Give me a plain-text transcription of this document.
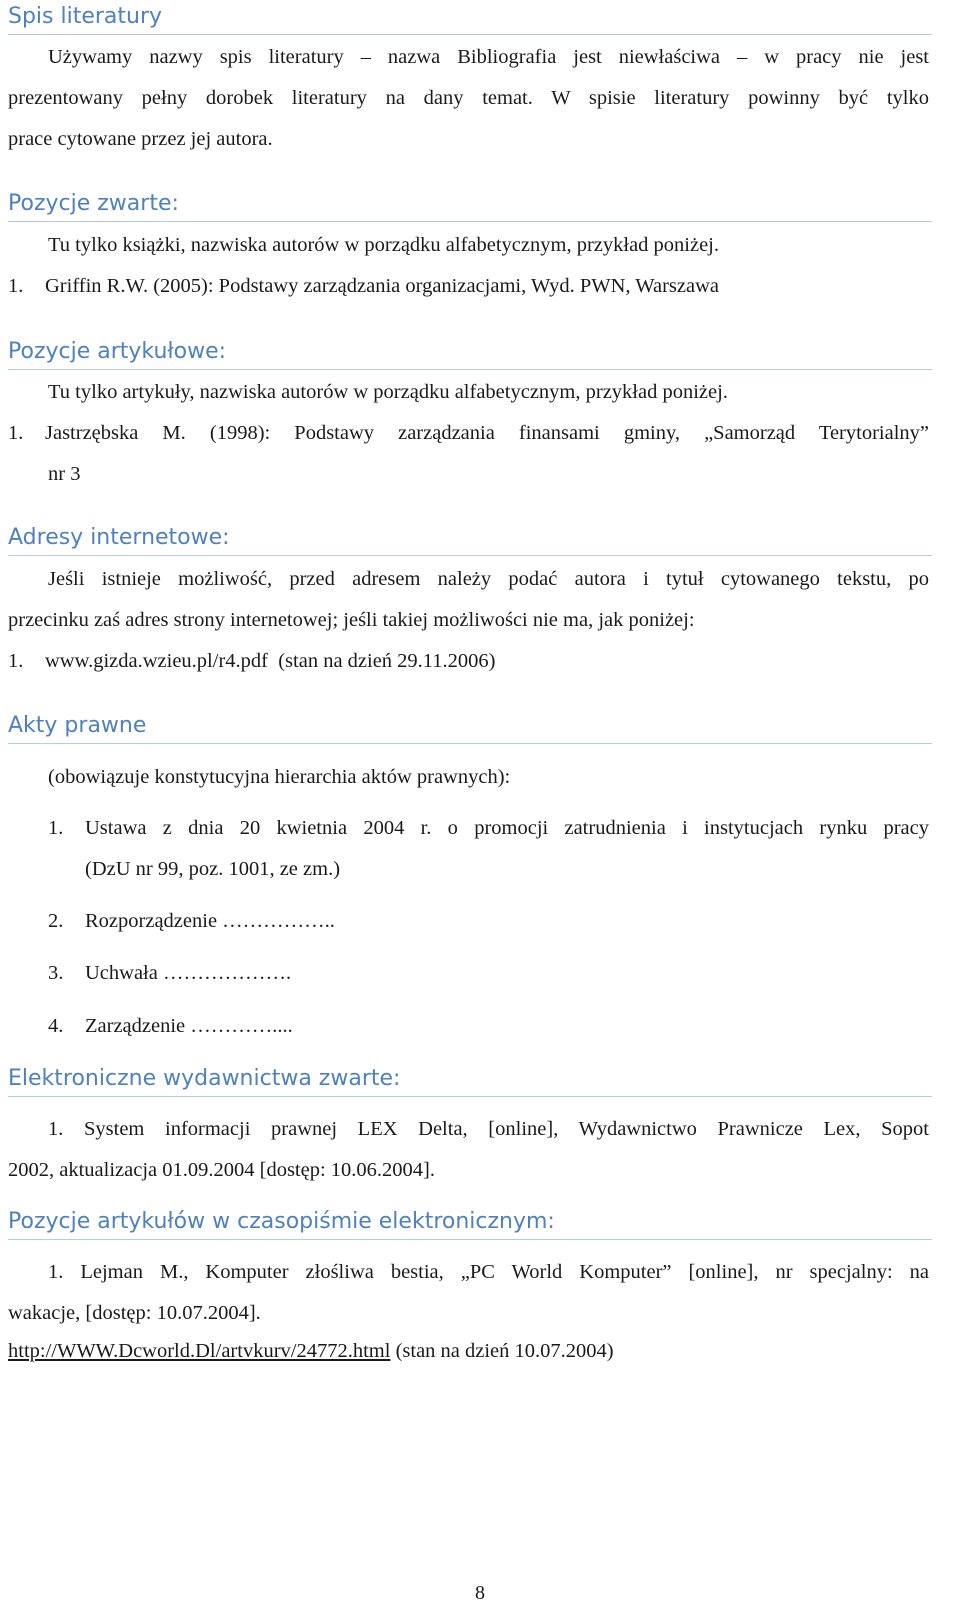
Spis literatury
Używamy nazwy spis literatury – nazwa Bibliografia jest niewłaściwa – w pracy nie jest
prezentowany pełny dorobek literatury na dany temat. W spisie literatury powinny być tylko
prace cytowane przez jej autora.
Pozycje zwarte:
Tu tylko książki, nazwiska autorów w porządku alfabetycznym, przykład poniżej.
1. Griffin R.W. (2005): Podstawy zarządzania organizacjami, Wyd. PWN, Warszawa
Pozycje artykułowe:
Tu tylko artykuły, nazwiska autorów w porządku alfabetycznym, przykład poniżej.
1. Jastrzębska M. (1998): Podstawy zarządzania finansami gminy, „Samorząd Terytorialny”
nr 3
Adresy internetowe:
Jeśli istnieje możliwość, przed adresem należy podać autora i tytuł cytowanego tekstu, po
przecinku zaś adres strony internetowej; jeśli takiej możliwości nie ma, jak poniżej:
1. www.gizda.wzieu.pl/r4.pdf  (stan na dzień 29.11.2006)
Akty prawne
(obowiązuje konstytucyjna hierarchia aktów prawnych):
1. Ustawa z dnia 20 kwietnia 2004 r. o promocji zatrudnienia i instytucjach rynku pracy
(DzU nr 99, poz. 1001, ze zm.)
2. Rozporządzenie ……………..
3. Uchwała ……………….
4. Zarządzenie …………....
Elektroniczne wydawnictwa zwarte:
1. System informacji prawnej LEX Delta, [online], Wydawnictwo Prawnicze Lex, Sopot
2002, aktualizacja 01.09.2004 [dostęp: 10.06.2004].
Pozycje artykułów w czasopiśmie elektronicznym:
1. Lejman M., Komputer złośliwa bestia, „PC World Komputer” [online], nr specjalny: na
wakacje, [dostęp: 10.07.2004].
http://WWW.Dcworld.Dl/artvkurv/24772.html (stan na dzień 10.07.2004)
8
